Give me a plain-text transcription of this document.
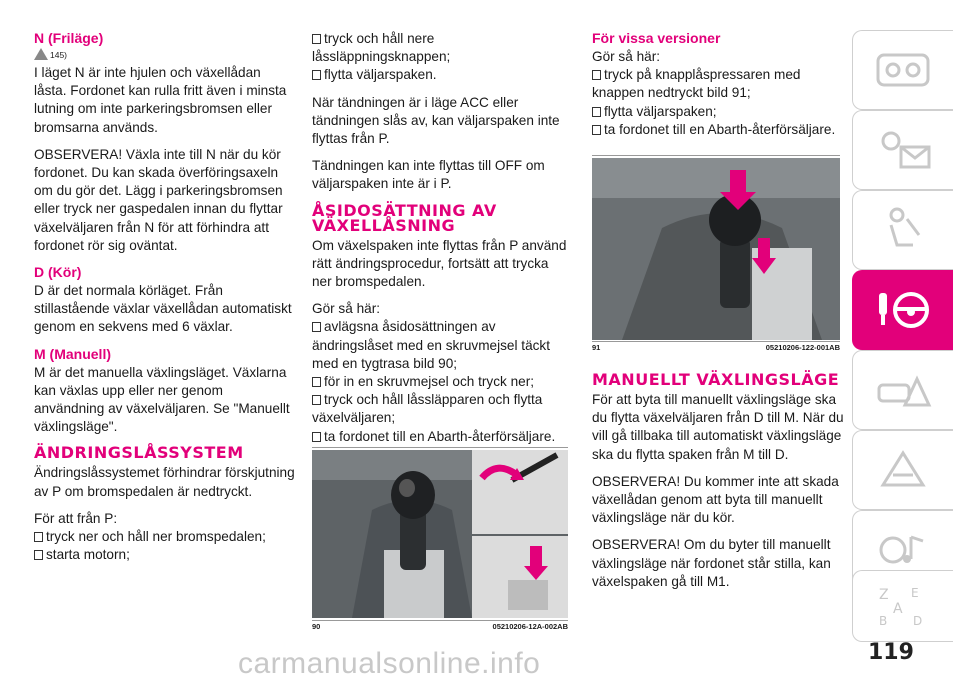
N (Friläge)
145)

I läget N är inte hjulen och växellådan låsta. Fordonet kan rulla fritt även i minsta lutning om inte parkeringsbromsen eller bromsarna används.

OBSERVERA! Växla inte till N när du kör fordonet. Du kan skada överföringsaxeln om du gör det. Lägg i parkeringsbromsen eller tryck ner gaspedalen innan du flyttar växelväljaren från N för att förhindra att fordonet rör sig oväntat.

D (Kör)

D är det normala körläget. Från stillastående växlar växellådan automatiskt genom en sekvens med 6 växlar.

M (Manuell)

M är det manuella växlingsläget. Växlarna kan växlas upp eller ner genom användning av växelväljaren. Se "Manuellt växlingsläge".

ÄNDRINGSLÅSSYSTEM

Ändringslåssystemet förhindrar förskjutning av P om bromspedalen är nedtryckt.

För att från P:

tryck ner och håll ner bromspedalen;
starta motorn;
tryck och håll nere låssläppningsknappen;
flytta väljarspaken.

När tändningen är i läge ACC eller tändningen slås av, kan väljarspaken inte flyttas från P.

Tändningen kan inte flyttas till OFF om väljarspaken inte är i P.

ÅSIDOSÄTTNING AV VÄXELLÅSNING

Om växelspaken inte flyttas från P använd rätt ändringsprocedur, fortsätt att trycka ner bromspedalen.

Gör så här:

avlägsna åsidosättningen av ändringslåset med en skruvmejsel täckt med en tygtrasa bild 90;
för in en skruvmejsel och tryck ner;
tryck och håll låssläpparen och flytta växelväljaren;
ta fordonet till en Abarth-återförsäljare.
90	05210206-12A-002AB
För vissa versioner

Gör så här:

tryck på knapplåspressaren med knappen nedtryckt bild 91;
flytta väljarspaken;
ta fordonet till en Abarth-återförsäljare.
91	05210206-122-001AB
MANUELLT VÄXLINGSLÄGE

För att byta till manuellt växlingsläge ska du flytta växelväljaren från D till M. När du vill gå tillbaka till automatiskt växlingsläge ska du flytta spaken från M till D.

OBSERVERA! Du kommer inte att skada växellådan genom att byta till manuellt växlingsläge när du kör.

OBSERVERA! Om du byter till manuellt växlingsläge när fordonet står stilla, kan växelspaken gå till M1.

Z E
A
B D
119
carmanualsonline.info
